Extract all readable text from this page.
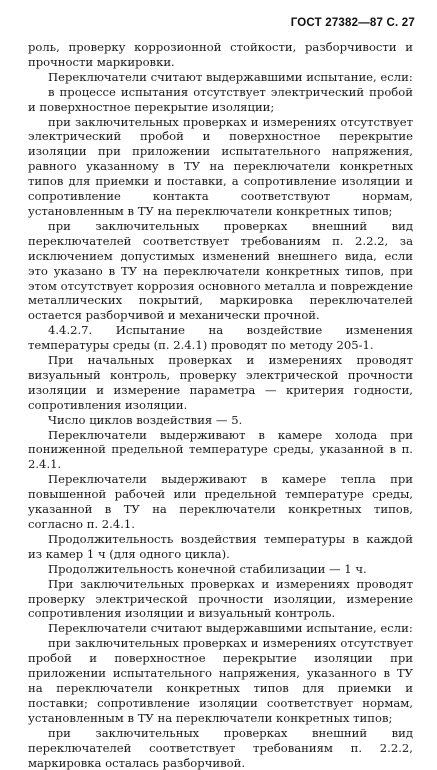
ГОСТ 27382—87 С. 27

роль, проверку коррозионной стойкости, разборчивости и прочности маркировки.

Переключатели считают выдержавшими испытание, если:

в процессе испытания отсутствует электрический пробой и поверхностное перекрытие изоляции;

при заключительных проверках и измерениях отсутствует электрический пробой и поверхностное перекрытие изоляции при приложении испытательного напряжения, равного указанному в ТУ на переключатели конкретных типов для приемки и поставки, а сопротивление изоляции и сопротивление контакта соответствуют нормам, установленным в ТУ на переключатели конкретных типов;

при заключительных проверках внешний вид переключателей соответствует требованиям п. 2.2.2, за исключением допустимых изменений внешнего вида, если это указано в ТУ на переключатели конкретных типов, при этом отсутствует коррозия основного металла и повреждение металлических покрытий, маркировка переключателей остается разборчивой и механически прочной.

4.4.2.7. Испытание на воздействие изменения температуры среды (п. 2.4.1) проводят по методу 205-1.

При начальных проверках и измерениях проводят визуальный контроль, проверку электрической прочности изоляции и измерение параметра — критерия годности, сопротивления изоляции.

Число циклов воздействия — 5.

Переключатели выдерживают в камере холода при пониженной предельной температуре среды, указанной в п. 2.4.1.

Переключатели выдерживают в камере тепла при повышенной рабочей или предельной температуре среды, указанной в ТУ на переключатели конкретных типов, согласно п. 2.4.1.

Продолжительность воздействия температуры в каждой из камер 1 ч (для одного цикла).

Продолжительность конечной стабилизации — 1 ч.

При заключительных проверках и измерениях проводят проверку электрической прочности изоляции, измерение сопротивления изоляции и визуальный контроль.

Переключатели считают выдержавшими испытание, если:

при заключительных проверках и измерениях отсутствует пробой и поверхностное перекрытие изоляции при приложении испытательного напряжения, указанного в ТУ на переключатели конкретных типов для приемки и поставки; сопротивление изоляции соответствует нормам, установленным в ТУ на переключатели конкретных типов;

при заключительных проверках внешний вид переключателей соответствует требованиям п. 2.2.2, маркировка осталась разборчивой.
